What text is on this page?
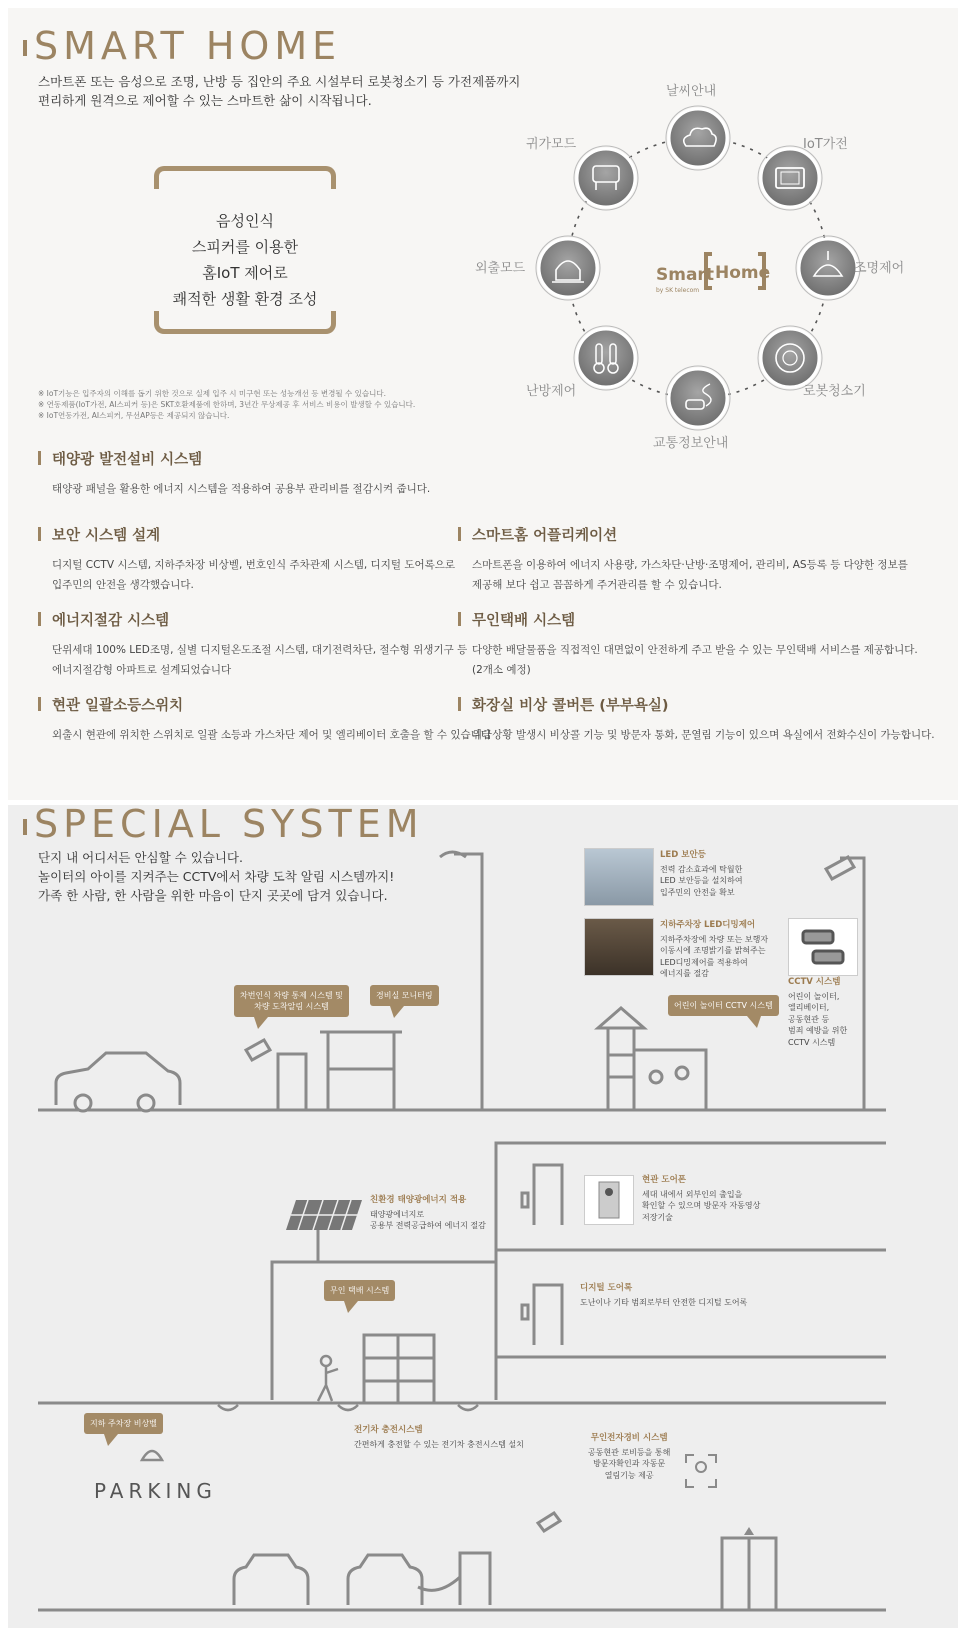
SMART HOME
스마트폰 또는 음성으로 조명, 난방 등 집안의 주요 시설부터 로봇청소기 등 가전제품까지
편리하게 원격으로 제어할 수 있는 스마트한 삶이 시작됩니다.
음성인식
스피커를 이용한
홈IoT 제어로
쾌적한 생활 환경 조성
※ IoT기능은 입주자의 이해를 돕기 위한 것으로 실제 입주 시 미구현 또는 성능개선 등 변경될 수 있습니다.
※ 연동제품(IoT가전, AI스피커 등)은 SKT호환제품에 한하며, 3년간 무상제공 후 서비스 비용이 발생할 수 있습니다.
※ IoT연동가전, AI스피커, 무선AP등은 제공되지 않습니다.
Smart
by SK telecom
Home
날씨안내
IoT가전
조명제어
로봇청소기
교통정보안내
난방제어
외출모드
귀가모드
태양광 발전설비 시스템

태양광 패널을 활용한 에너지 시스템을 적용하여 공용부 관리비를 절감시켜 줍니다.

보안 시스템 설계

디지털 CCTV 시스템, 지하주차장 비상벨, 번호인식 주차관제 시스템, 디지털 도어록으로
입주민의 안전을 생각했습니다.

스마트홈 어플리케이션

스마트폰을 이용하여 에너지 사용량, 가스차단·난방·조명제어, 관리비, AS등록 등 다양한 정보를
제공해 보다 쉽고 꼼꼼하게 주거관리를 할 수 있습니다.

에너지절감 시스템

단위세대 100% LED조명, 실별 디지털온도조절 시스템, 대기전력차단, 절수형 위생기구 등
에너지절감형 아파트로 설계되었습니다

무인택배 시스템

다양한 배달물품을 직접적인 대면없이 안전하게 주고 받을 수 있는 무인택배 서비스를 제공합니다.
(2개소 예정)

현관 일괄소등스위치

외출시 현관에 위치한 스위치로 일괄 소등과 가스차단 제어 및 엘리베이터 호출을 할 수 있습니다

화장실 비상 콜버튼 (부부욕실)

위급상황 발생시 비상콜 기능 및 방문자 통화, 문열림 기능이 있으며 욕실에서 전화수신이 가능합니다.

SPECIAL SYSTEM
단지 내 어디서든 안심할 수 있습니다.
놀이터의 아이를 지켜주는 CCTV에서 차량 도착 알림 시스템까지!
가족 한 사람, 한 사람을 위한 마음이 단지 곳곳에 담겨 있습니다.
PARKING
차번인식 차량 통제 시스템 및
차량 도착알림 시스템
경비실 모니터링
어린이 놀이터 CCTV 시스템
무인 택배 시스템
지하 주차장 비상벨
LED 보안등
전력 감소효과에 탁월한
LED 보안등을 설치하여
입주민의 안전을 확보
지하주차장 LED디밍제어
지하주차장에 차량 또는 보행자
이동시에 조명밝기를 밝혀주는
LED디밍제어를 적용하여
에너지를 절감
CCTV 시스템
어린이 놀이터,
엘리베이터,
공동현관 등
범죄 예방을 위한
CCTV 시스템
친환경 태양광에너지 적용
태양광에너지로
공용부 전력공급하여 에너지 절감
현관 도어폰
세대 내에서 외부인의 출입을
확인할 수 있으며 방문자 자동영상
저장기술
디지털 도어록
도난이나 기타 범죄로부터 안전한 디지털 도어록
전기차 충전시스템
간편하게 충전할 수 있는 전기차 충전시스템 설치
무인전자경비 시스템
공동현관 로비등을 통해
방문자확인과 자동문
열림기능 제공
